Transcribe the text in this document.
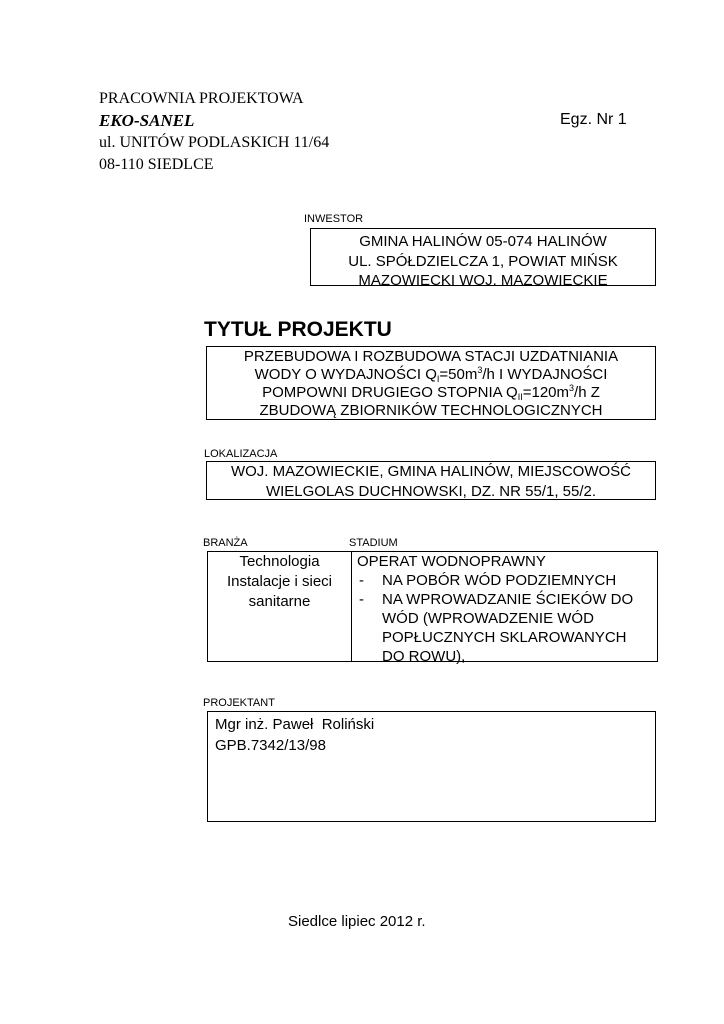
PRACOWNIA PROJEKTOWA
EKO-SANEL
ul. UNITÓW PODLASKICH 11/64
08-110 SIEDLCE
Egz. Nr 1
INWESTOR
GMINA HALINÓW 05-074 HALINÓW
UL. SPÓŁDZIELCZA 1, POWIAT MIŃSK
MAZOWIECKI WOJ. MAZOWIECKIE
TYTUŁ PROJEKTU
PRZEBUDOWA I ROZBUDOWA STACJI UZDATNIANIA
WODY O WYDAJNOŚCI $Q_I=50m^3/h$ I WYDAJNOŚCI
POMPOWNI DRUGIEGO STOPNIA $Q_{II}=120m^3/h$ Z
ZBUDOWĄ ZBIORNIKÓW TECHNOLOGICZNYCH
LOKALIZACJA
WOJ. MAZOWIECKIE, GMINA HALINÓW, MIEJSCOWOŚĆ
WIELGOLAS DUCHNOWSKI, DZ. NR 55/1, 55/2.
BRANŻA	STADIUM
Technologia
Instalacje i sieci
sanitarne
OPERAT WODNOPRAWNY
- NA POBÓR WÓD PODZIEMNYCH
- NA WPROWADZANIE ŚCIEKÓW DO
WÓD (WPROWADZENIE WÓD
POPŁUCZNYCH SKLAROWANYCH
DO ROWU),
PROJEKTANT
Mgr inż. Paweł  Roliński
GPB.7342/13/98
Siedlce lipiec 2012 r.
